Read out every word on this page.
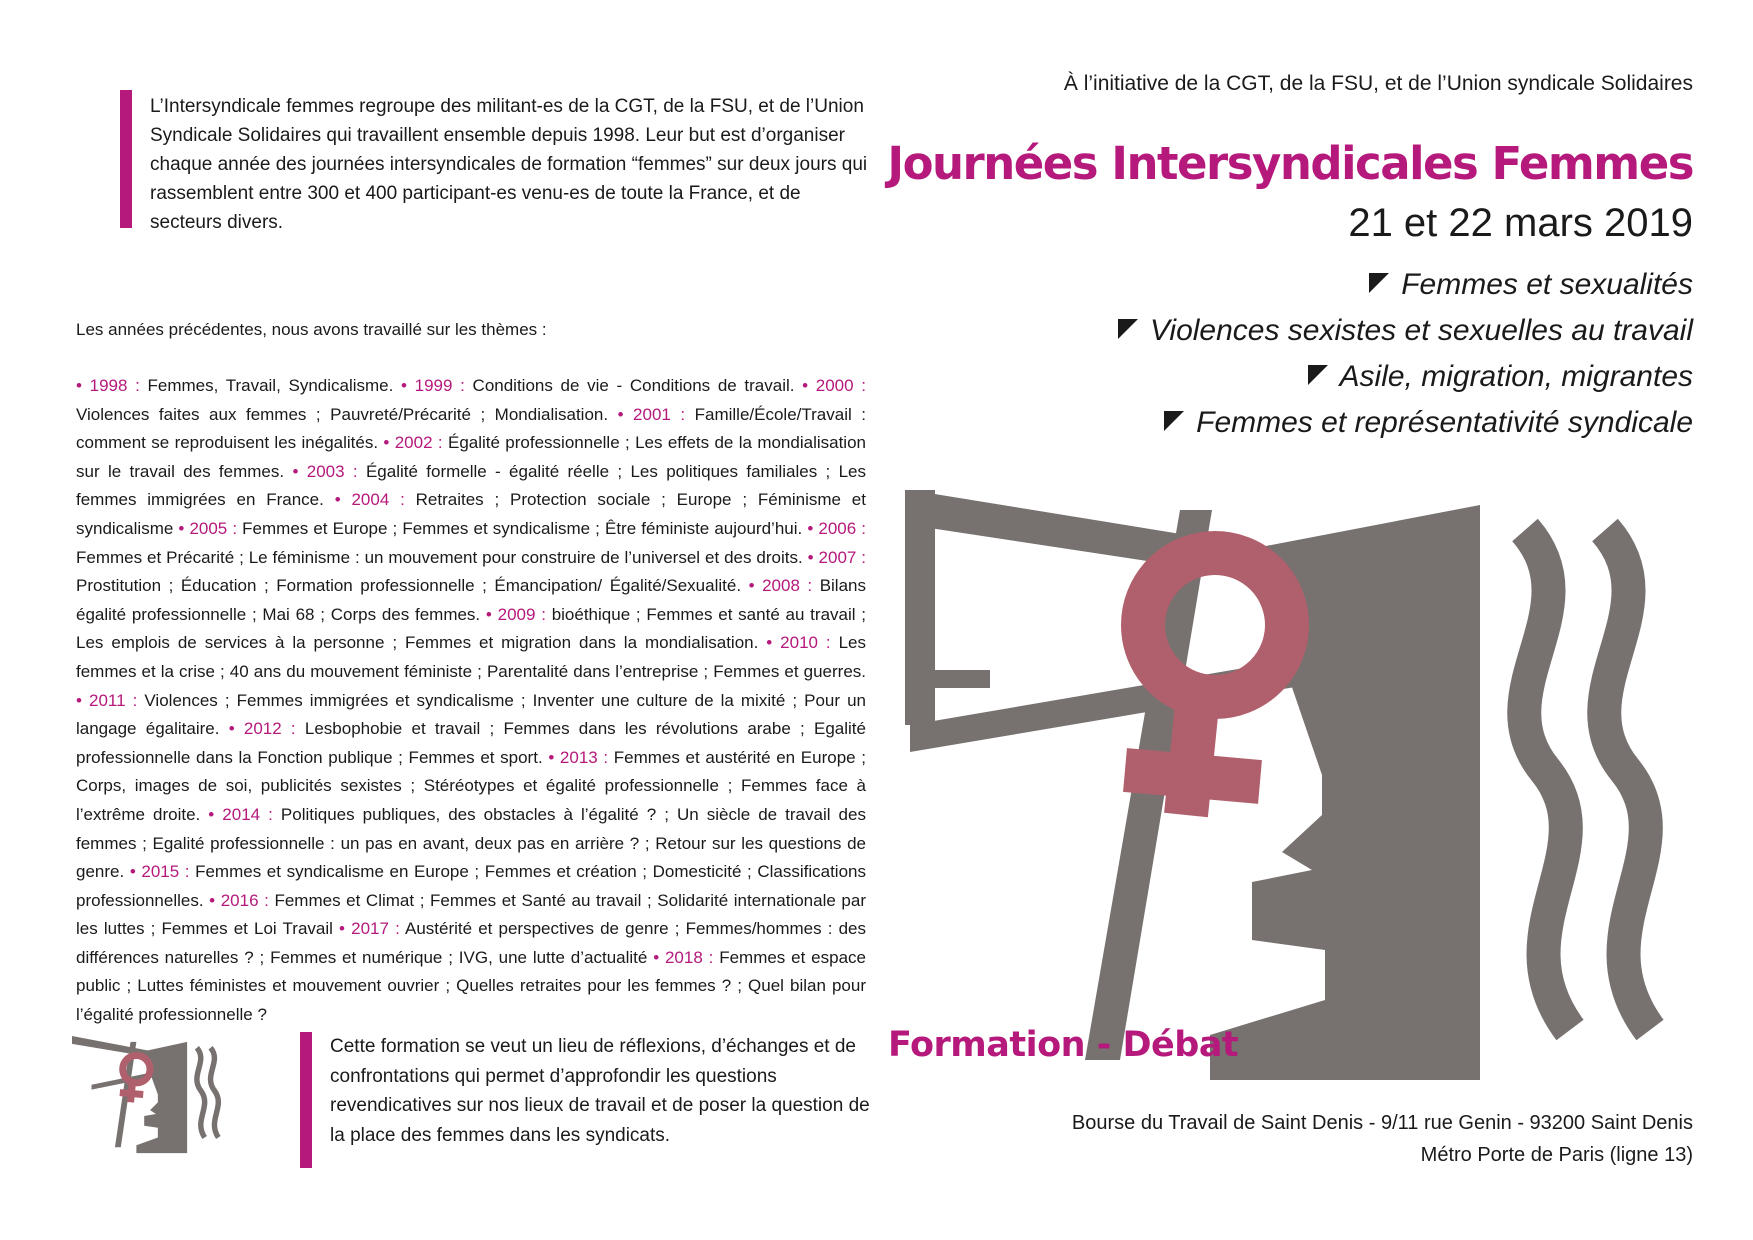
L’Intersyndicale femmes regroupe des militant-es de la CGT, de la FSU, et de l’Union Syndicale Solidaires qui travaillent ensemble depuis 1998. Leur but est d’organiser chaque année des journées intersyndicales de formation “femmes” sur deux jours qui rassemblent entre 300 et 400 participant-es venu-es de toute la France, et de secteurs divers.
Les années précédentes, nous avons travaillé sur les thèmes :
• 1998 : Femmes, Travail, Syndicalisme. • 1999 : Conditions de vie - Conditions de travail. • 2000 : Violences faites aux femmes ; Pauvreté/Précarité ; Mondialisation. • 2001 : Famille/École/Travail : comment se reproduisent les inégalités. • 2002 : Égalité professionnelle ; Les effets de la mondialisation sur le travail des femmes. • 2003 : Égalité formelle - égalité réelle ; Les politiques familiales ; Les femmes immigrées en France. • 2004 : Retraites ; Protection sociale ; Europe ; Féminisme et syndicalisme • 2005 : Femmes et Europe ; Femmes et syndicalisme ; Être féministe aujourd’hui. • 2006 : Femmes et Précarité ; Le féminisme : un mouvement pour construire de l’universel et des droits. • 2007 : Prostitution ; Éducation ; Formation professionnelle ; Émancipation/ Égalité/Sexualité. • 2008 : Bilans égalité professionnelle ; Mai 68 ; Corps des femmes. • 2009 : bioéthique ; Femmes et santé au travail ; Les emplois de services à la personne ; Femmes et migration dans la mondialisation. • 2010 : Les femmes et la crise ; 40 ans du mouvement féministe ; Parentalité dans l’entreprise ; Femmes et guerres. • 2011 : Violences ; Femmes immigrées et syndicalisme ; Inventer une culture de la mixité ; Pour un langage égalitaire. • 2012 : Lesbophobie et travail ; Femmes dans les révolutions arabe ; Egalité professionnelle dans la Fonction publique ; Femmes et sport. • 2013 : Femmes et austérité en Europe ; Corps, images de soi, publicités sexistes ; Stéréotypes et égalité professionnelle ; Femmes face à l’extrême droite. • 2014 : Politiques publiques, des obstacles à l’égalité ? ; Un siècle de travail des femmes ; Egalité professionnelle : un pas en avant, deux pas en arrière ? ; Retour sur les questions de genre. • 2015 : Femmes et syndicalisme en Europe ; Femmes et création ; Domesticité ; Classifications professionnelles. • 2016 : Femmes et Climat ; Femmes et Santé au travail ; Solidarité internationale par les luttes ; Femmes et Loi Travail • 2017 : Austérité et perspectives de genre ; Femmes/hommes : des différences naturelles ? ; Femmes et numérique ; IVG, une lutte d’actualité • 2018 : Femmes et espace public ; Luttes féministes et mouvement ouvrier ; Quelles retraites pour les femmes ? ; Quel bilan pour l’égalité professionnelle ?
Cette formation se veut un lieu de réflexions, d’échanges et de confrontations qui permet d’approfondir les questions revendicatives sur nos lieux de travail et de poser la question de la place des femmes dans les syndicats.
À l’initiative de la CGT, de la FSU, et de l’Union syndicale Solidaires
Journées Intersyndicales Femmes
21 et 22 mars 2019
Femmes et sexualités
Violences sexistes et sexuelles au travail
Asile, migration, migrantes
Femmes et représentativité syndicale
Formation - Débat
Bourse du Travail de Saint Denis - 9/11 rue Genin - 93200 Saint Denis
Métro Porte de Paris (ligne 13)
